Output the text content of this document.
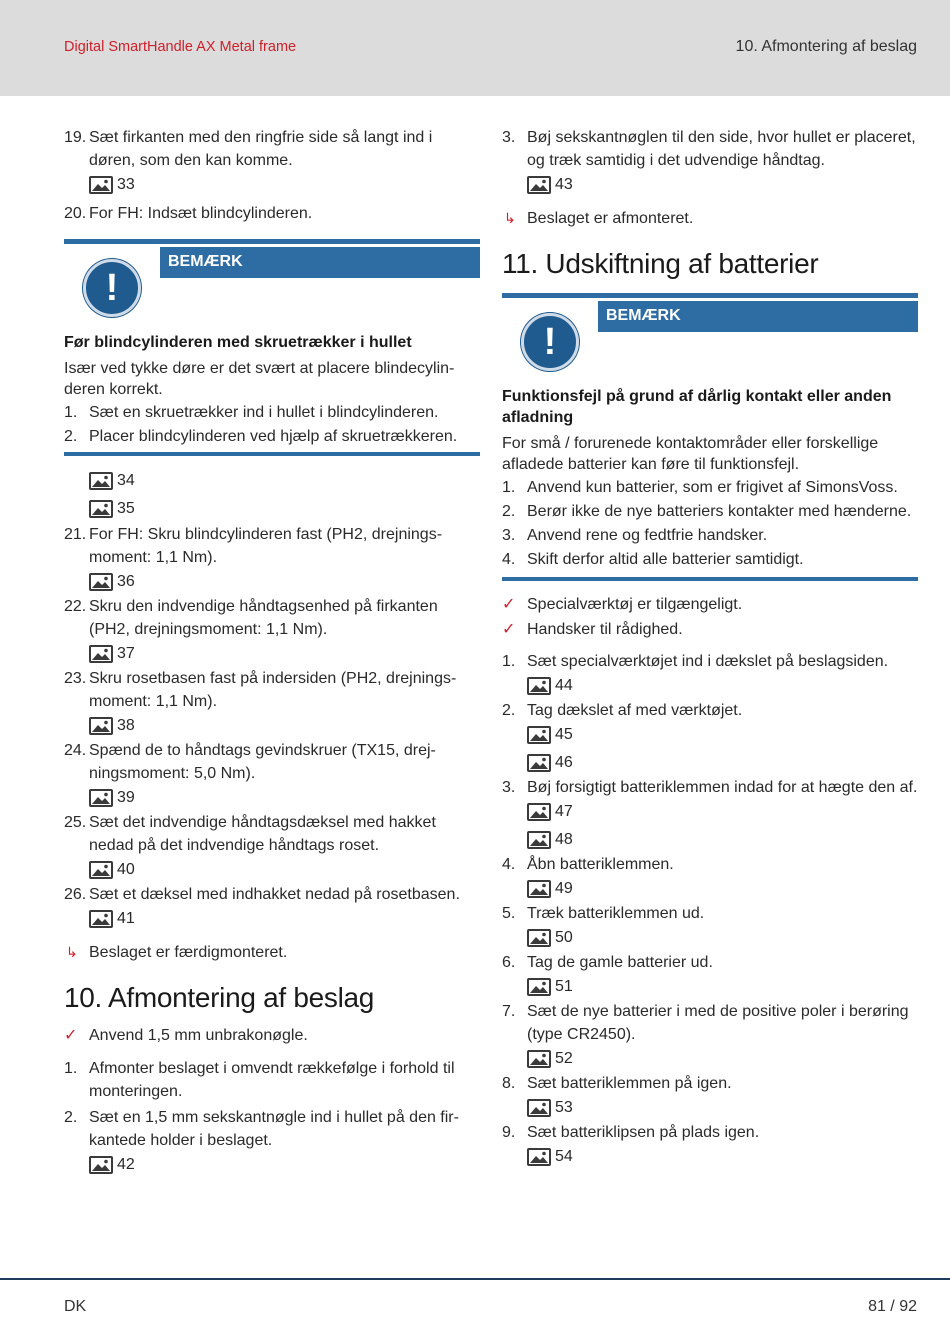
Digital SmartHandle AX Metal frame	10. Afmontering af beslag
19. Sæt firkanten med den ringfrie side så langt ind i døren, som den kan komme.
33
20. For FH: Indsæt blindcylinderen.
BEMÆRK
!
Før blindcylinderen med skruetrækker i hullet
Især ved tykke døre er det svært at placere blindecylinderen korrekt.
1. Sæt en skruetrækker ind i hullet i blindcylinderen.
2. Placer blindcylinderen ved hjælp af skruetrækkeren.
34
35
21. For FH: Skru blindcylinderen fast (PH2, drejningsmoment: 1,1 Nm).
36
22. Skru den indvendige håndtagsenhed på firkanten (PH2, drejningsmoment: 1,1 Nm).
37
23. Skru rosetbasen fast på indersiden (PH2, drejningsmoment: 1,1 Nm).
38
24. Spænd de to håndtags gevindskruer (TX15, drejningsmoment: 5,0 Nm).
39
25. Sæt det indvendige håndtagsdæksel med hakket nedad på det indvendige håndtags roset.
40
26. Sæt et dæksel med indhakket nedad på rosetbasen.
41
↳ Beslaget er færdigmonteret.
10. Afmontering af beslag
✓ Anvend 1,5 mm unbrakonøgle.
1. Afmonter beslaget i omvendt rækkefølge i forhold til monteringen.
2. Sæt en 1,5 mm sekskantnøgle ind i hullet på den firkantede holder i beslaget.
42
3. Bøj sekskantnøglen til den side, hvor hullet er placeret, og træk samtidig i det udvendige håndtag.
43
↳ Beslaget er afmonteret.
11. Udskiftning af batterier
BEMÆRK
!
Funktionsfejl på grund af dårlig kontakt eller anden afladning
For små / forurenede kontaktområder eller forskellige afladede batterier kan føre til funktionsfejl.
1. Anvend kun batterier, som er frigivet af SimonsVoss.
2. Berør ikke de nye batteriers kontakter med hænderne.
3. Anvend rene og fedtfrie handsker.
4. Skift derfor altid alle batterier samtidigt.
✓ Specialværktøj er tilgængeligt.
✓ Handsker til rådighed.
1. Sæt specialværktøjet ind i dækslet på beslagsiden.
44
2. Tag dækslet af med værktøjet.
45
46
3. Bøj forsigtigt batteriklemmen indad for at hægte den af.
47
48
4. Åbn batteriklemmen.
49
5. Træk batteriklemmen ud.
50
6. Tag de gamle batterier ud.
51
7. Sæt de nye batterier i med de positive poler i berøring (type CR2450).
52
8. Sæt batteriklemmen på igen.
53
9. Sæt batteriklipsen på plads igen.
54
DK	81 / 92
